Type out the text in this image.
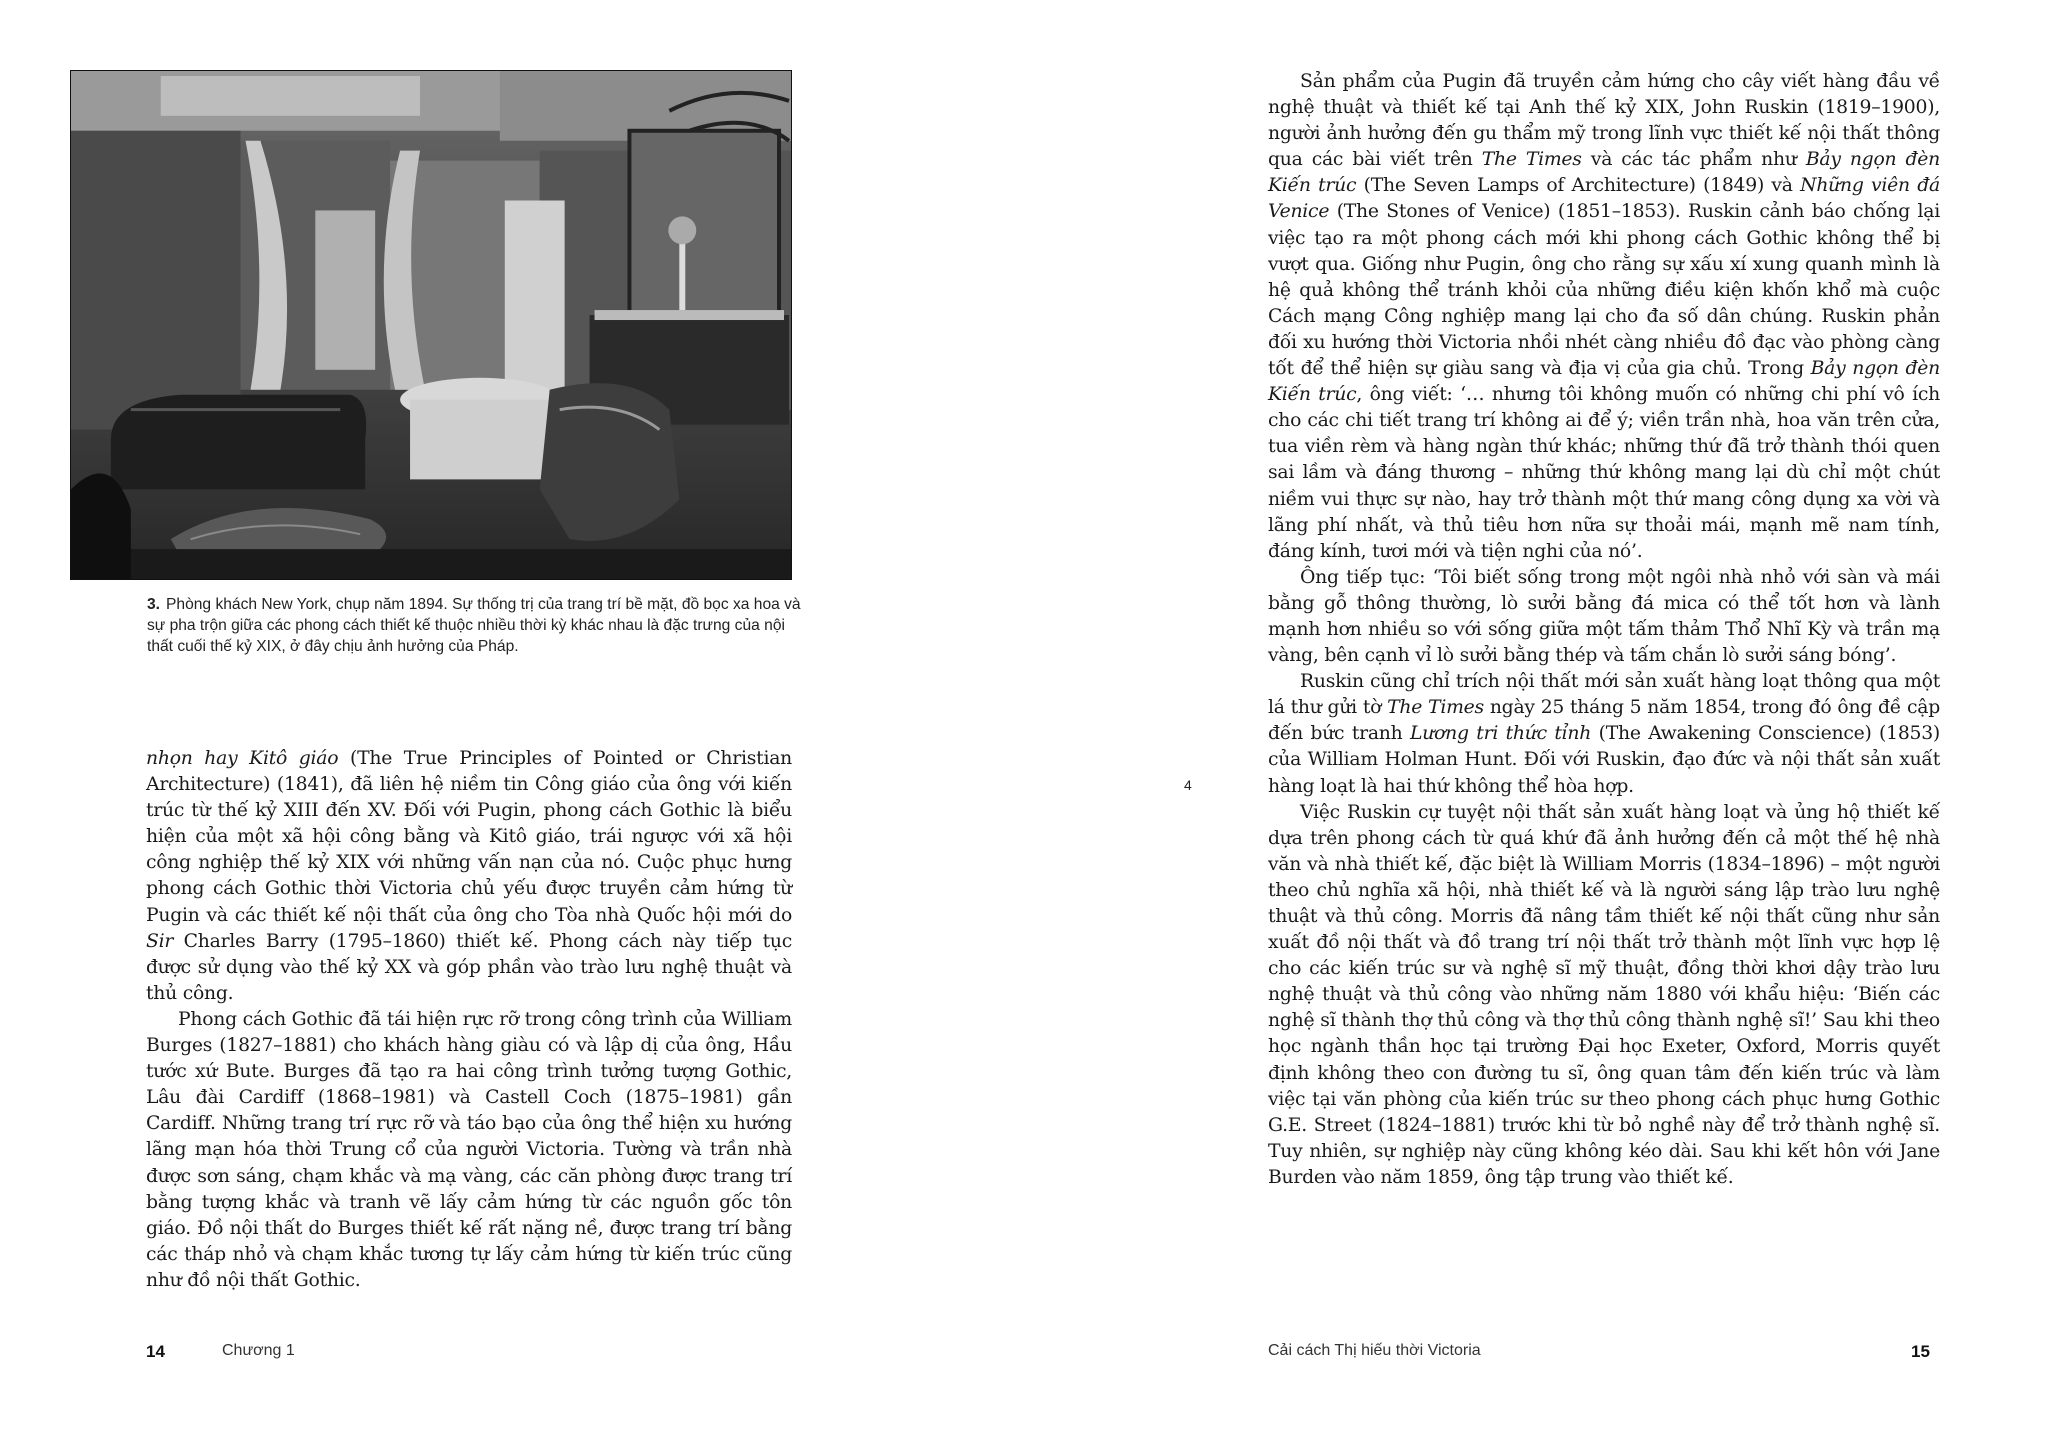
3. Phòng khách New York, chụp năm 1894. Sự thống trị của trang trí bề mặt, đồ bọc xa hoa và sự pha trộn giữa các phong cách thiết kế thuộc nhiều thời kỳ khác nhau là đặc trưng của nội thất cuối thế kỷ XIX, ở đây chịu ảnh hưởng của Pháp.

nhọn hay Kitô giáo (The True Principles of Pointed or Christian Architecture) (1841), đã liên hệ niềm tin Công giáo của ông với kiến trúc từ thế kỷ XIII đến XV. Đối với Pugin, phong cách Gothic là biểu hiện của một xã hội công bằng và Kitô giáo, trái ngược với xã hội công nghiệp thế kỷ XIX với những vấn nạn của nó. Cuộc phục hưng phong cách Gothic thời Victoria chủ yếu được truyền cảm hứng từ Pugin và các thiết kế nội thất của ông cho Tòa nhà Quốc hội mới do Sir Charles Barry (1795–1860) thiết kế. Phong cách này tiếp tục được sử dụng vào thế kỷ XX và góp phần vào trào lưu nghệ thuật và thủ công.

Phong cách Gothic đã tái hiện rực rỡ trong công trình của William Burges (1827–1881) cho khách hàng giàu có và lập dị của ông, Hầu tước xứ Bute. Burges đã tạo ra hai công trình tưởng tượng Gothic, Lâu đài Cardiff (1868–1981) và Castell Coch (1875–1981) gần Cardiff. Những trang trí rực rỡ và táo bạo của ông thể hiện xu hướng lãng mạn hóa thời Trung cổ của người Victoria. Tường và trần nhà được sơn sáng, chạm khắc và mạ vàng, các căn phòng được trang trí bằng tượng khắc và tranh vẽ lấy cảm hứng từ các nguồn gốc tôn giáo. Đồ nội thất do Burges thiết kế rất nặng nề, được trang trí bằng các tháp nhỏ và chạm khắc tương tự lấy cảm hứng từ kiến trúc cũng như đồ nội thất Gothic.

14	Chương 1
4

Sản phẩm của Pugin đã truyền cảm hứng cho cây viết hàng đầu về nghệ thuật và thiết kế tại Anh thế kỷ XIX, John Ruskin (1819–1900), người ảnh hưởng đến gu thẩm mỹ trong lĩnh vực thiết kế nội thất thông qua các bài viết trên The Times và các tác phẩm như Bảy ngọn đèn Kiến trúc (The Seven Lamps of Architecture) (1849) và Những viên đá Venice (The Stones of Venice) (1851–1853). Ruskin cảnh báo chống lại việc tạo ra một phong cách mới khi phong cách Gothic không thể bị vượt qua. Giống như Pugin, ông cho rằng sự xấu xí xung quanh mình là hệ quả không thể tránh khỏi của những điều kiện khốn khổ mà cuộc Cách mạng Công nghiệp mang lại cho đa số dân chúng. Ruskin phản đối xu hướng thời Victoria nhồi nhét càng nhiều đồ đạc vào phòng càng tốt để thể hiện sự giàu sang và địa vị của gia chủ. Trong Bảy ngọn đèn Kiến trúc, ông viết: ‘… nhưng tôi không muốn có những chi phí vô ích cho các chi tiết trang trí không ai để ý; viền trần nhà, hoa văn trên cửa, tua viền rèm và hàng ngàn thứ khác; những thứ đã trở thành thói quen sai lầm và đáng thương – những thứ không mang lại dù chỉ một chút niềm vui thực sự nào, hay trở thành một thứ mang công dụng xa vời và lãng phí nhất, và thủ tiêu hơn nữa sự thoải mái, mạnh mẽ nam tính, đáng kính, tươi mới và tiện nghi của nó’.

Ông tiếp tục: ‘Tôi biết sống trong một ngôi nhà nhỏ với sàn và mái bằng gỗ thông thường, lò sưởi bằng đá mica có thể tốt hơn và lành mạnh hơn nhiều so với sống giữa một tấm thảm Thổ Nhĩ Kỳ và trần mạ vàng, bên cạnh vỉ lò sưởi bằng thép và tấm chắn lò sưởi sáng bóng’.

Ruskin cũng chỉ trích nội thất mới sản xuất hàng loạt thông qua một lá thư gửi tờ The Times ngày 25 tháng 5 năm 1854, trong đó ông đề cập đến bức tranh Lương tri thức tỉnh (The Awakening Conscience) (1853) của William Holman Hunt. Đối với Ruskin, đạo đức và nội thất sản xuất hàng loạt là hai thứ không thể hòa hợp.

Việc Ruskin cự tuyệt nội thất sản xuất hàng loạt và ủng hộ thiết kế dựa trên phong cách từ quá khứ đã ảnh hưởng đến cả một thế hệ nhà văn và nhà thiết kế, đặc biệt là William Morris (1834–1896) – một người theo chủ nghĩa xã hội, nhà thiết kế và là người sáng lập trào lưu nghệ thuật và thủ công. Morris đã nâng tầm thiết kế nội thất cũng như sản xuất đồ nội thất và đồ trang trí nội thất trở thành một lĩnh vực hợp lệ cho các kiến trúc sư và nghệ sĩ mỹ thuật, đồng thời khơi dậy trào lưu nghệ thuật và thủ công vào những năm 1880 với khẩu hiệu: ‘Biến các nghệ sĩ thành thợ thủ công và thợ thủ công thành nghệ sĩ!’ Sau khi theo học ngành thần học tại trường Đại học Exeter, Oxford, Morris quyết định không theo con đường tu sĩ, ông quan tâm đến kiến trúc và làm việc tại văn phòng của kiến trúc sư theo phong cách phục hưng Gothic G.E. Street (1824–1881) trước khi từ bỏ nghề này để trở thành nghệ sĩ. Tuy nhiên, sự nghiệp này cũng không kéo dài. Sau khi kết hôn với Jane Burden vào năm 1859, ông tập trung vào thiết kế.

Cải cách Thị hiếu thời Victoria	15
